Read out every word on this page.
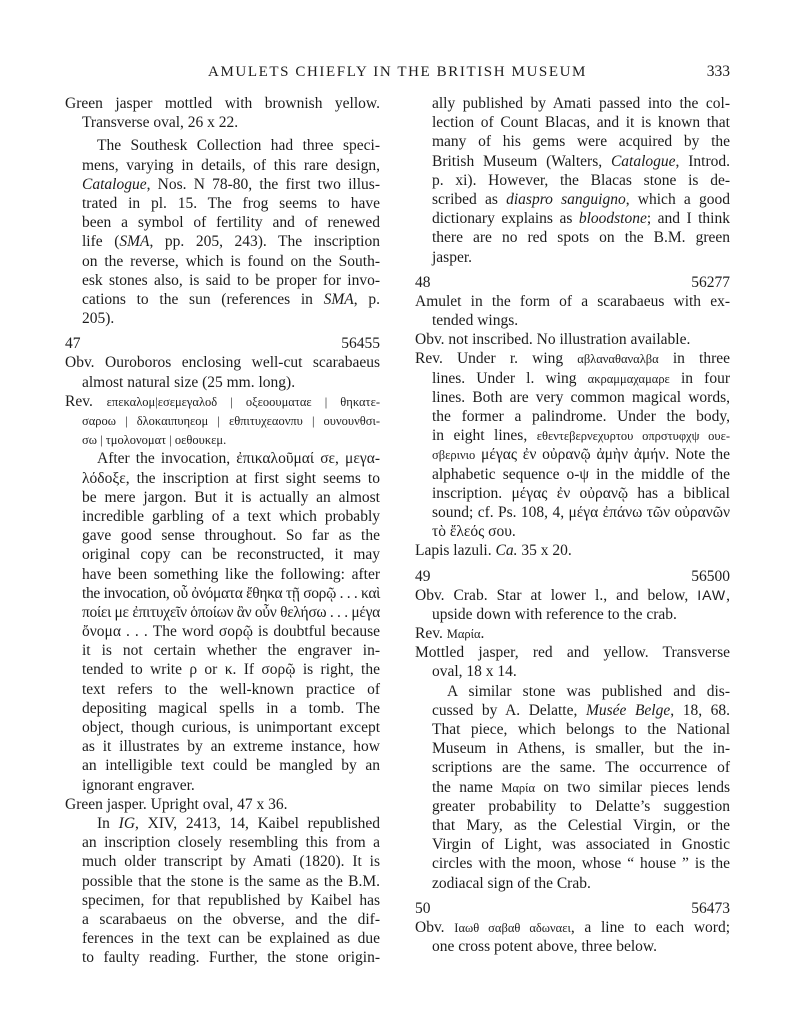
AMULETS CHIEFLY IN THE BRITISH MUSEUM	333
Green jasper mottled with brownish yellow.
Transverse oval, 26 x 22.
The Southesk Collection had three speci-
mens, varying in details, of this rare design,
Catalogue, Nos. N 78-80, the first two illus-
trated in pl. 15. The frog seems to have
been a symbol of fertility and of renewed
life (SMA, pp. 205, 243). The inscription
on the reverse, which is found on the South-
esk stones also, is said to be proper for invo-
cations to the sun (references in SMA, p.
205).
47	56455
Obv. Ouroboros enclosing well-cut scarabaeus
almost natural size (25 mm. long).
Rev. επεκαλομ|εσεμεγαλοδ | οξεοουματαε | θηκατε-
σαροω | δλοκαιπυηεομ | εθπιτυχεαονπυ | ουνουνθσι-
σω | τμολονοματ | οεθουκεμ.
After the invocation, ἐπικαλοῦμαί σε, μεγα-
λόδοξε, the inscription at first sight seems to
be mere jargon. But it is actually an almost
incredible garbling of a text which probably
gave good sense throughout. So far as the
original copy can be reconstructed, it may
have been something like the following: after
the invocation, οὗ ὀνόματα ἔθηκα τῇ σορῷ . . . καὶ
ποίει με ἐπιτυχεῖν ὁποίων ἂν οὖν θελήσω . . . μέγα
ὄνομα . . . The word σορῷ is doubtful because
it is not certain whether the engraver in-
tended to write ρ or κ. If σορῷ is right, the
text refers to the well-known practice of
depositing magical spells in a tomb. The
object, though curious, is unimportant except
as it illustrates by an extreme instance, how
an intelligible text could be mangled by an
ignorant engraver.
Green jasper. Upright oval, 47 x 36.
In IG, XIV, 2413, 14, Kaibel republished
an inscription closely resembling this from a
much older transcript by Amati (1820). It is
possible that the stone is the same as the B.M.
specimen, for that republished by Kaibel has
a scarabaeus on the obverse, and the dif-
ferences in the text can be explained as due
to faulty reading. Further, the stone origin-
ally published by Amati passed into the col-
lection of Count Blacas, and it is known that
many of his gems were acquired by the
British Museum (Walters, Catalogue, Introd.
p. xi). However, the Blacas stone is de-
scribed as diaspro sanguigno, which a good
dictionary explains as bloodstone; and I think
there are no red spots on the B.M. green
jasper.
48	56277
Amulet in the form of a scarabaeus with ex-
tended wings.
Obv. not inscribed. No illustration available.
Rev. Under r. wing αβλαναθαναλβα in three
lines. Under l. wing ακραμμαχαμαρε in four
lines. Both are very common magical words,
the former a palindrome. Under the body,
in eight lines, εθεντεβερνεχυρτου οπρστυφχψ ουε-
σβερινιο μέγας ἐν οὐρανῷ ἀμὴν ἀμήν. Note the
alphabetic sequence ο-ψ in the middle of the
inscription. μέγας ἐν οὐρανῷ has a biblical
sound; cf. Ps. 108, 4, μέγα ἐπάνω τῶν οὐρανῶν
τὸ ἔλεός σου.
Lapis lazuli. Ca. 35 x 20.
49	56500
Obv. Crab. Star at lower l., and below, IAW,
upside down with reference to the crab.
Rev. Μαρία.
Mottled jasper, red and yellow. Transverse
oval, 18 x 14.
A similar stone was published and dis-
cussed by A. Delatte, Musée Belge, 18, 68.
That piece, which belongs to the National
Museum in Athens, is smaller, but the in-
scriptions are the same. The occurrence of
the name Μαρία on two similar pieces lends
greater probability to Delatte’s suggestion
that Mary, as the Celestial Virgin, or the
Virgin of Light, was associated in Gnostic
circles with the moon, whose “ house ” is the
zodiacal sign of the Crab.
50	56473
Obv. Ιαωθ σαβαθ αδωναει, a line to each word;
one cross potent above, three below.
